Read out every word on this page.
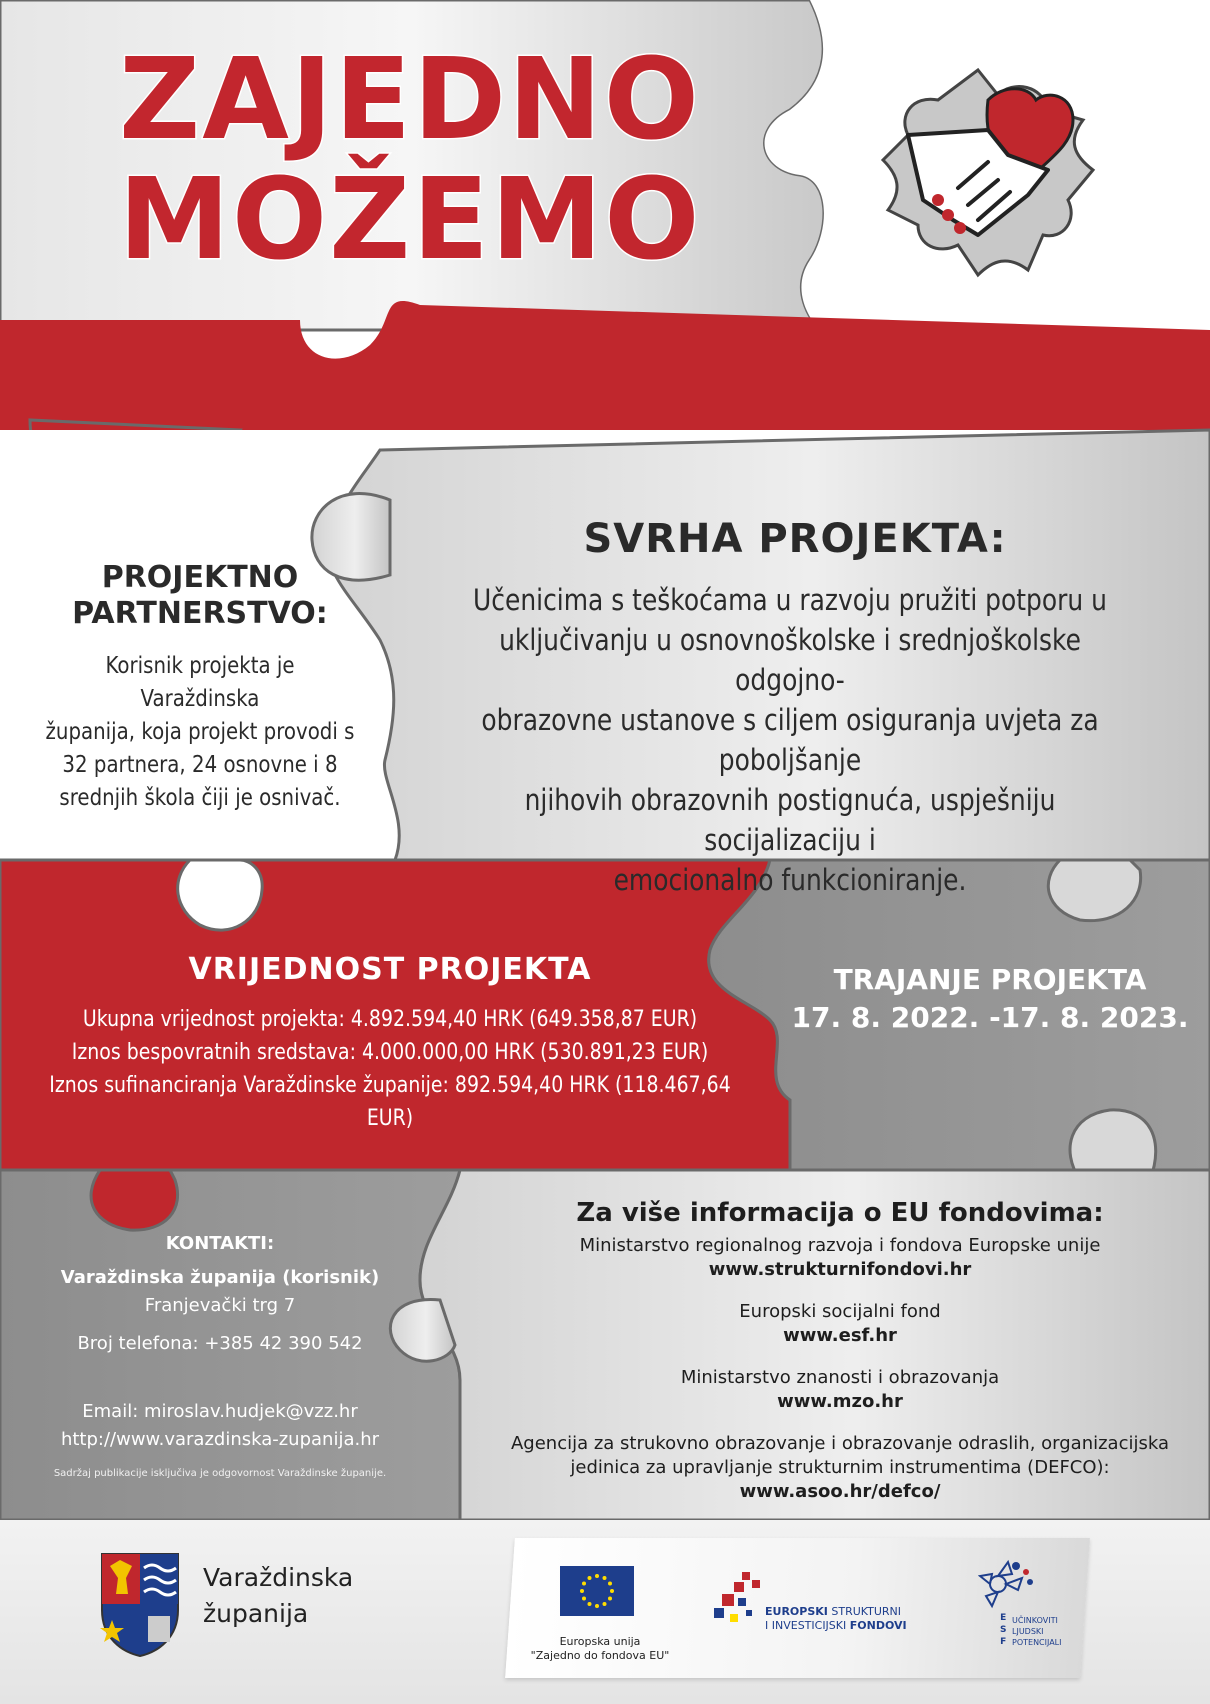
ZAJEDNO
MOŽEMO
PROJEKTNO
PARTNERSTVO:
Korisnik projekta je Varaždinska
županija, koja projekt provodi s
32 partnera, 24 osnovne i 8
srednjih škola čiji je osnivač.
SVRHA PROJEKTA:
Učenicima s teškoćama u razvoju pružiti potporu u
uključivanju u osnovnoškolske i srednjoškolske odgojno-
obrazovne ustanove s ciljem osiguranja uvjeta za poboljšanje
njihovih obrazovnih postignuća, uspješniju socijalizaciju i
emocionalno funkcioniranje.
VRIJEDNOST PROJEKTA
Ukupna vrijednost projekta: 4.892.594,40 HRK (649.358,87 EUR)
Iznos bespovratnih sredstava: 4.000.000,00 HRK (530.891,23 EUR)
Iznos sufinanciranja Varaždinske županije: 892.594,40 HRK (118.467,64 EUR)
TRAJANJE PROJEKTA
17. 8. 2022. -17. 8. 2023.
KONTAKTI:
Varaždinska županija (korisnik)
Franjevački trg 7
Broj telefona: +385 42 390 542
Email: miroslav.hudjek@vzz.hr
http://www.varazdinska-zupanija.hr
Sadržaj publikacije isključiva je odgovornost Varaždinske županije.
Za više informacija o EU fondovima:
Ministarstvo regionalnog razvoja i fondova Europske unije
www.strukturnifondovi.hr
Europski socijalni fond
www.esf.hr
Ministarstvo znanosti i obrazovanja
www.mzo.hr
Agencija za strukovno obrazovanje i obrazovanje odraslih, organizacijska
jedinica za upravljanje strukturnim instrumentima (DEFCO):
www.asoo.hr/defco/
Varaždinska
županija
Europska unija
"Zajedno do fondova EU"
EUROPSKI STRUKTURNI
I INVESTICIJSKI FONDOVI
E
S
F
UČINKOVITI
LJUDSKI
POTENCIJALI
